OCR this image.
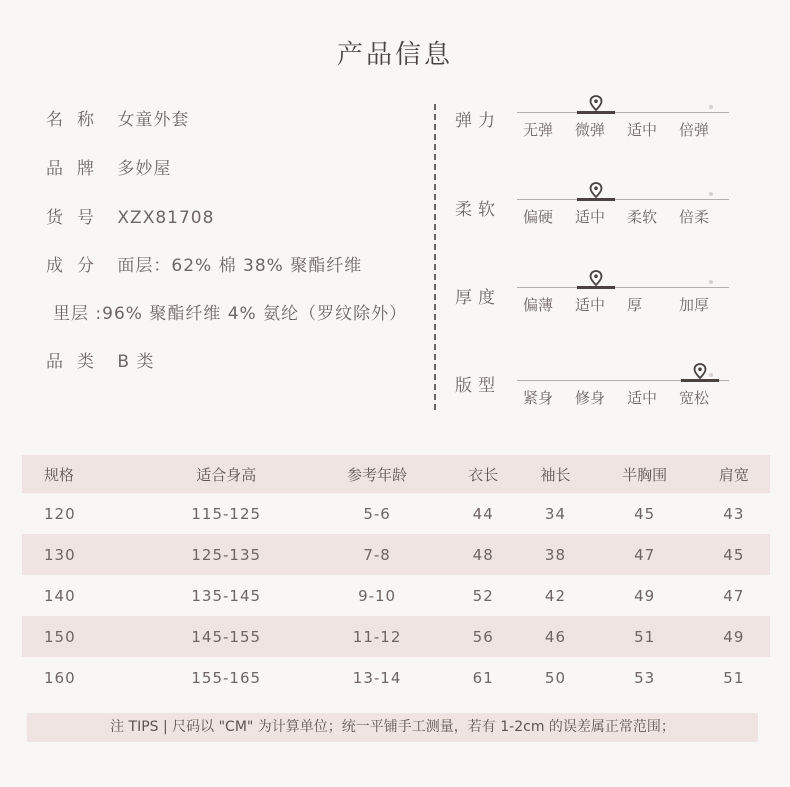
产品信息
名称 女童外套
品牌 多妙屋
货号 XZX81708
成分 面层：62% 棉 38% 聚酯纤维
里层 :96% 聚酯纤维 4% 氨纶（罗纹除外）
品类 B 类
弹力	无弹	微弹	适中	倍弹
柔软	偏硬	适中	柔软	倍柔
厚度	偏薄	适中	厚	加厚
版型
紧身	修身	适中	宽松
规格	适合身高	参考年龄	衣长	袖长	半胸围	肩宽
120	115-125	5-6	44	34	45	43
130	125-135	7-8	48	38	47	45
140	135-145	9-10	52	42	49	47
150	145-155	11-12	56	46	51	49
160	155-165	13-14	61	50	53	51
注 TIPS | 尺码以 "CM" 为计算单位；统一平铺手工测量，若有 1-2cm 的误差属正常范围；
